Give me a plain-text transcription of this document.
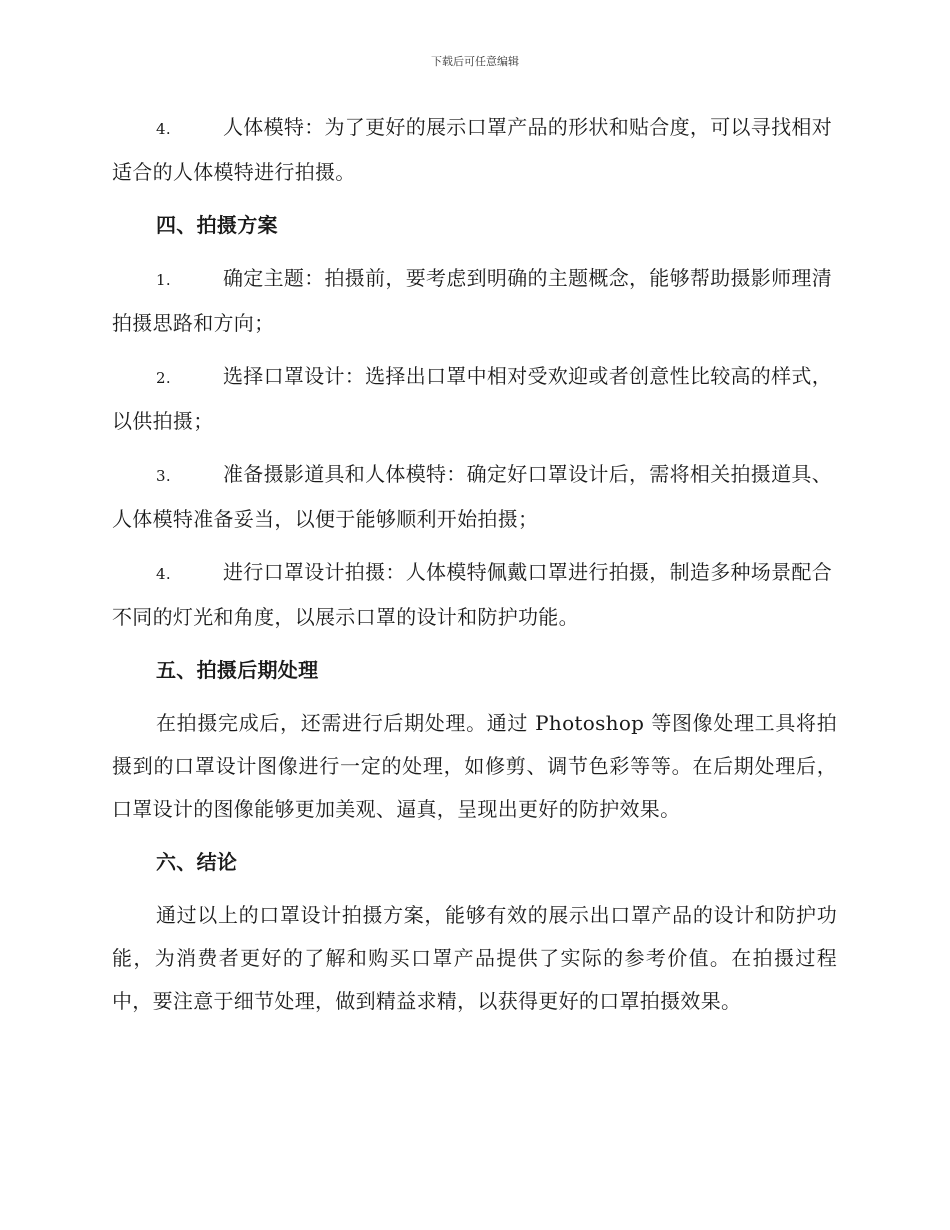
下载后可任意编辑

4.	人体模特：为了更好的展示口罩产品的形状和贴合度，可以寻找相对适合的人体模特进行拍摄。

四、拍摄方案

1.	确定主题：拍摄前，要考虑到明确的主题概念，能够帮助摄影师理清拍摄思路和方向；

2.	选择口罩设计：选择出口罩中相对受欢迎或者创意性比较高的样式，以供拍摄；

3.	准备摄影道具和人体模特：确定好口罩设计后，需将相关拍摄道具、人体模特准备妥当，以便于能够顺利开始拍摄；

4.	进行口罩设计拍摄：人体模特佩戴口罩进行拍摄，制造多种场景配合不同的灯光和角度，以展示口罩的设计和防护功能。

五、拍摄后期处理

在拍摄完成后，还需进行后期处理。通过 Photoshop 等图像处理工具将拍摄到的口罩设计图像进行一定的处理，如修剪、调节色彩等等。在后期处理后，口罩设计的图像能够更加美观、逼真，呈现出更好的防护效果。

六、结论

通过以上的口罩设计拍摄方案，能够有效的展示出口罩产品的设计和防护功能，为消费者更好的了解和购买口罩产品提供了实际的参考价值。在拍摄过程中，要注意于细节处理，做到精益求精，以获得更好的口罩拍摄效果。
